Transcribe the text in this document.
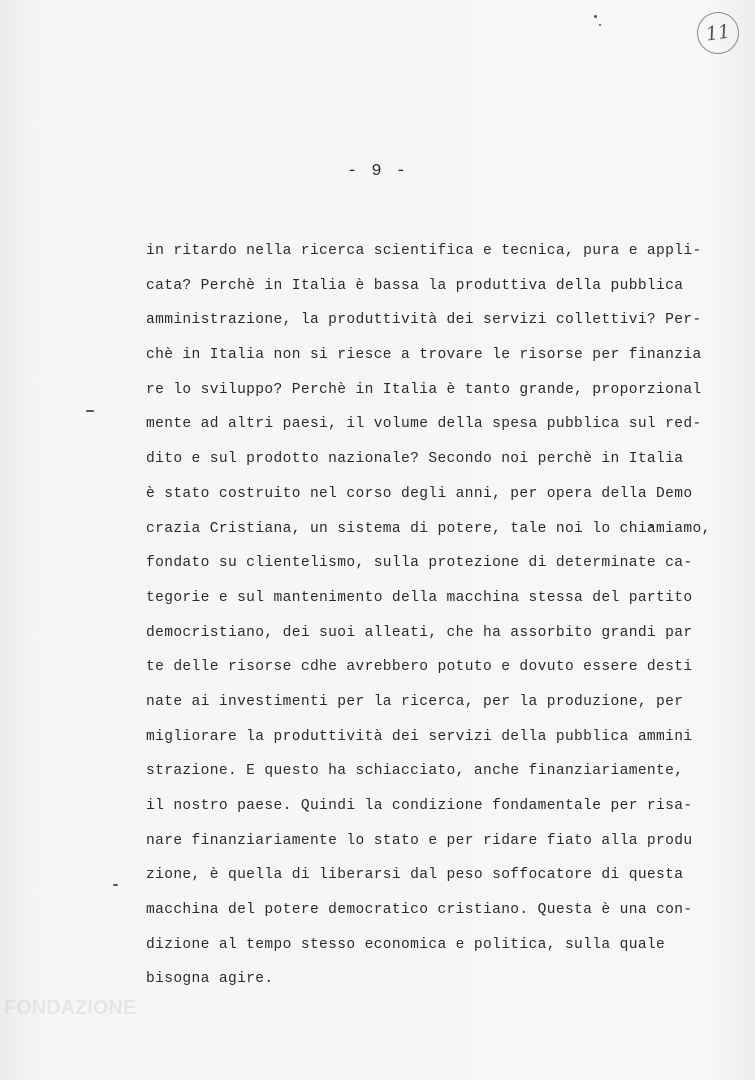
11
- 9 -
in ritardo nella ricerca scientifica e tecnica, pura e appli-
cata? Perchè in Italia è bassa la produttiva della pubblica
amministrazione, la produttività dei servizi collettivi? Per-
chè in Italia non si riesce a trovare le risorse per finanzia
re lo sviluppo? Perchè in Italia è tanto grande, proporzional
mente ad altri paesi, il volume della spesa pubblica sul red-
dito e sul prodotto nazionale? Secondo noi perchè in Italia
è stato costruito nel corso degli anni, per opera della Demo
crazia Cristiana, un sistema di potere, tale noi lo chiamiamo,
fondato su clientelismo, sulla protezione di determinate ca-
tegorie e sul mantenimento della macchina stessa del partito
democristiano, dei suoi alleati, che ha assorbito grandi par
te delle risorse cdhe avrebbero potuto e dovuto essere desti
nate ai investimenti per la ricerca, per la produzione, per
migliorare la produttività dei servizi della pubblica ammini
strazione. E questo ha schiacciato, anche finanziariamente,
il nostro paese. Quindi la condizione fondamentale per risa-
nare finanziariamente lo stato e per ridare fiato alla produ
zione, è quella di liberarsi dal peso soffocatore di questa
macchina del potere democratico cristiano. Questa è una con-
dizione al tempo stesso economica e politica, sulla quale
bisogna agire.
FONDAZIONE
